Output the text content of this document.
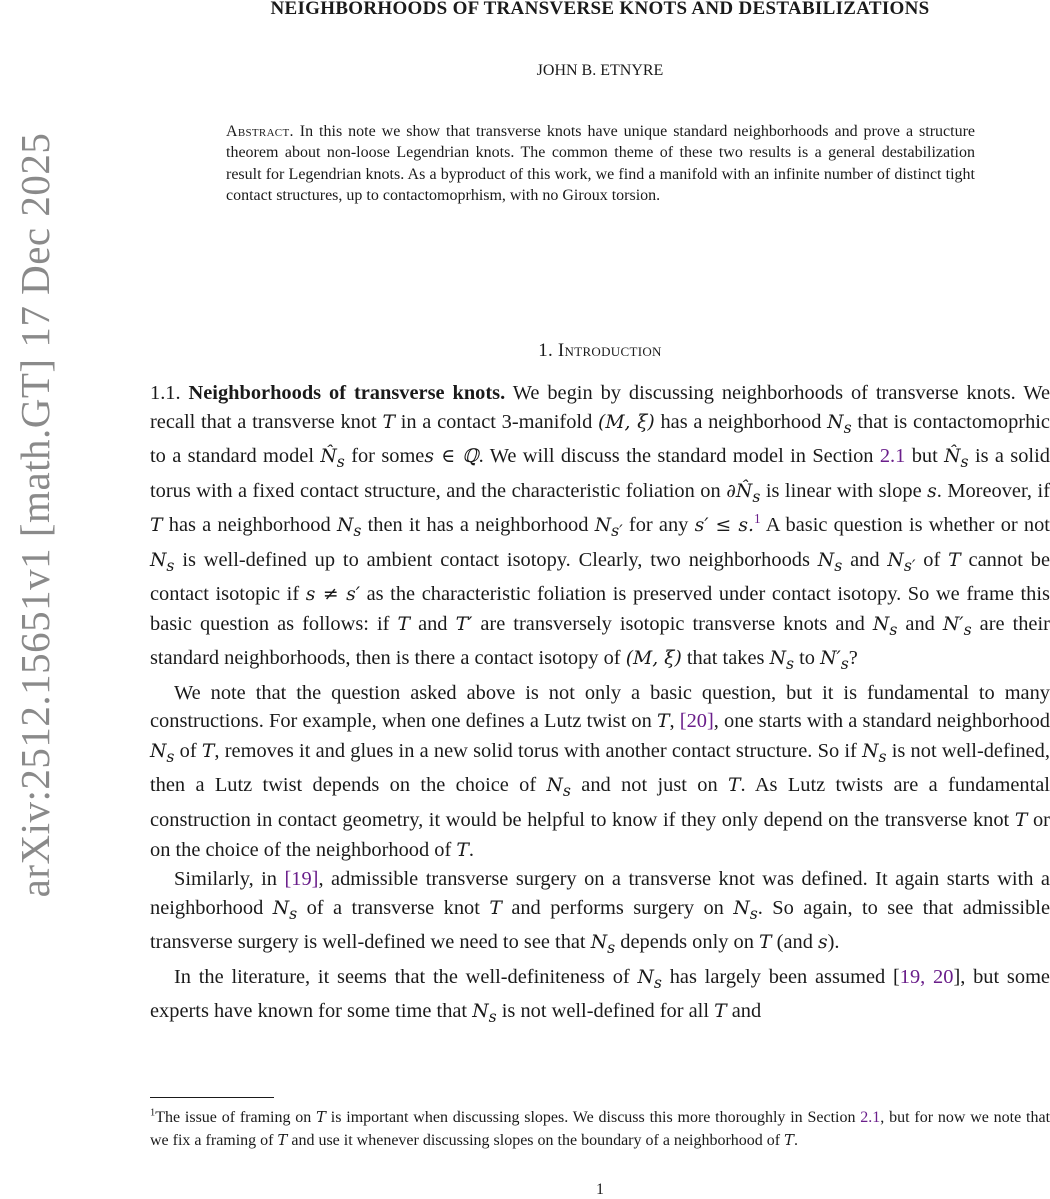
arXiv:2512.15651v1 [math.GT] 17 Dec 2025
NEIGHBORHOODS OF TRANSVERSE KNOTS AND DESTABILIZATIONS
JOHN B. ETNYRE
Abstract. In this note we show that transverse knots have unique standard neighborhoods and prove a structure theorem about non-loose Legendrian knots. The common theme of these two results is a general destabilization result for Legendrian knots. As a byproduct of this work, we find a manifold with an infinite number of distinct tight contact structures, up to contactomoprhism, with no Giroux torsion.
1. Introduction

1.1. Neighborhoods of transverse knots. We begin by discussing neighborhoods of transverse knots. We recall that a transverse knot T in a contact 3-manifold (M, ξ) has a neighborhood $N_s$ that is contactomoprhic to a standard model $N̂_s$ for somes ∈ ℚ. We will discuss the standard model in Section 2.1 but $N̂_s$ is a solid torus with a fixed contact structure, and the characteristic foliation on $\partial N̂_s$ is linear with slope s. Moreover, if T has a neighborhood $N_s$ then it has a neighborhood $N_{s'}$ for any s′ ≤ s.$^1$ A basic question is whether or not $N_s$ is well-defined up to ambient contact isotopy. Clearly, two neighborhoods $N_s$ and $N_{s'}$ of T cannot be contact isotopic if s ≠ s′ as the characteristic foliation is preserved under contact isotopy. So we frame this basic question as follows: if T and T′ are transversely isotopic transverse knots and $N_s$ and $N'_s$ are their standard neighborhoods, then is there a contact isotopy of (M, ξ) that takes $N_s$ to $N'_s$?

We note that the question asked above is not only a basic question, but it is fundamental to many constructions. For example, when one defines a Lutz twist on T, [20], one starts with a standard neighborhood $N_s$ of T, removes it and glues in a new solid torus with another contact structure. So if $N_s$ is not well-defined, then a Lutz twist depends on the choice of $N_s$ and not just on T. As Lutz twists are a fundamental construction in contact geometry, it would be helpful to know if they only depend on the transverse knot T or on the choice of the neighborhood of T.

Similarly, in [19], admissible transverse surgery on a transverse knot was defined. It again starts with a neighborhood $N_s$ of a transverse knot T and performs surgery on $N_s$. So again, to see that admissible transverse surgery is well-defined we need to see that $N_s$ depends only on T (and s).

In the literature, it seems that the well-definiteness of $N_s$ has largely been assumed [19, 20], but some experts have known for some time that $N_s$ is not well-defined for all T and

$^1$The issue of framing on T is important when discussing slopes. We discuss this more thoroughly in Section 2.1, but for now we note that we fix a framing of T and use it whenever discussing slopes on the boundary of a neighborhood of T.
1
